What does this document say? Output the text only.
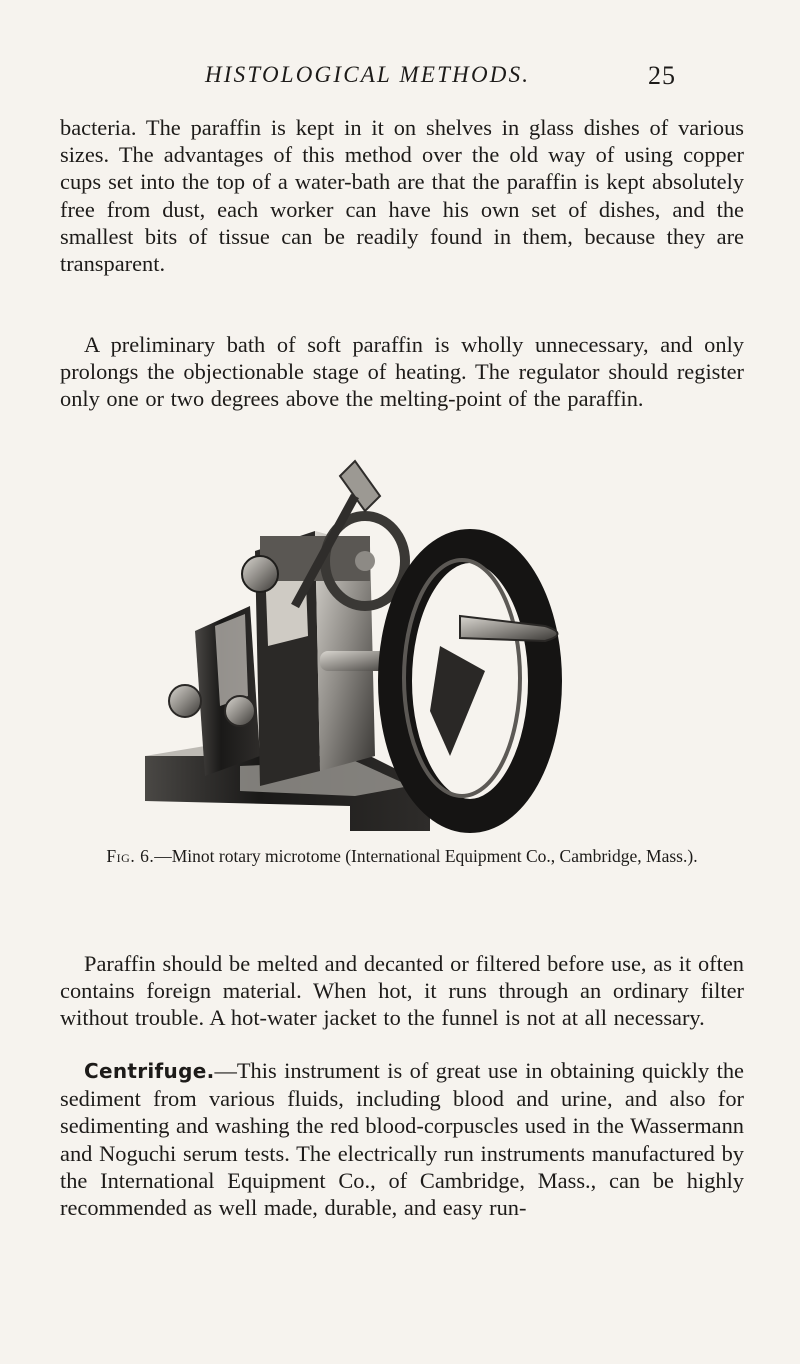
HISTOLOGICAL METHODS.	25

bacteria. The paraffin is kept in it on shelves in glass dishes of various sizes. The advantages of this method over the old way of using copper cups set into the top of a water-bath are that the paraffin is kept absolutely free from dust, each worker can have his own set of dishes, and the smallest bits of tissue can be readily found in them, because they are transparent.

A preliminary bath of soft paraffin is wholly unnecessary, and only prolongs the objectionable stage of heating. The regulator should register only one or two degrees above the melting-point of the paraffin.

Fig. 6.—Minot rotary microtome (International Equipment Co., Cambridge, Mass.).

Paraffin should be melted and decanted or filtered before use, as it often contains foreign material. When hot, it runs through an ordinary filter without trouble. A hot-water jacket to the funnel is not at all necessary.

Centrifuge.—This instrument is of great use in obtaining quickly the sediment from various fluids, including blood and urine, and also for sedimenting and washing the red blood-corpuscles used in the Wassermann and Noguchi serum tests. The electrically run instruments manufactured by the International Equipment Co., of Cambridge, Mass., can be highly recommended as well made, durable, and easy run-
